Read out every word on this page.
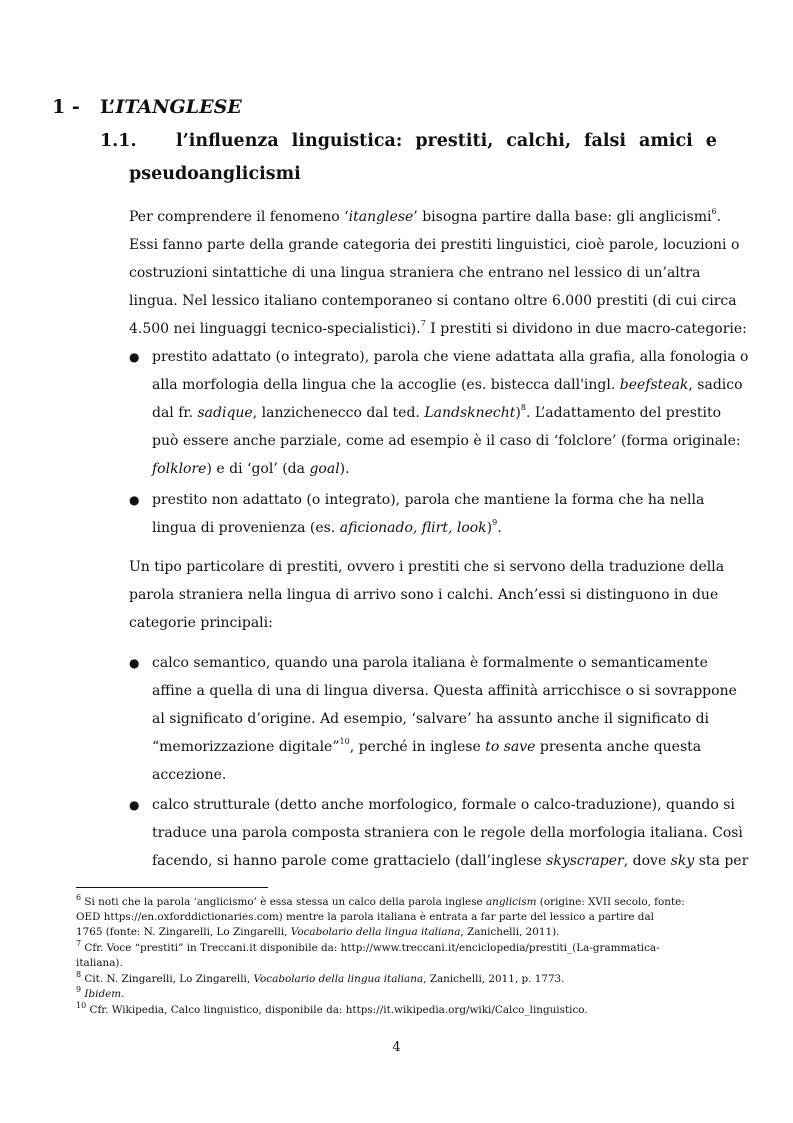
1 - L’ITANGLESE
1.1. l’influenza linguistica: prestiti, calchi, falsi amici e
pseudoanglicismi
Per comprendere il fenomeno ‘itanglese’ bisogna partire dalla base: gli anglicismi$^6$.
Essi fanno parte della grande categoria dei prestiti linguistici, cioè parole, locuzioni o
costruzioni sintattiche di una lingua straniera che entrano nel lessico di un’altra
lingua. Nel lessico italiano contemporaneo si contano oltre 6.000 prestiti (di cui circa
4.500 nei linguaggi tecnico-specialistici).$^7$ I prestiti si dividono in due macro-categorie:
● prestito adattato (o integrato), parola che viene adattata alla grafia, alla fonologia o
alla morfologia della lingua che la accoglie (es. bistecca dall'ingl. beefsteak, sadico
dal fr. sadique, lanzichenecco dal ted. Landsknecht)$^8$. L’adattamento del prestito
può essere anche parziale, come ad esempio è il caso di ‘folclore’ (forma originale:
folklore) e di ‘gol’ (da goal).
● prestito non adattato (o integrato), parola che mantiene la forma che ha nella
lingua di provenienza (es. aficionado, flirt, look)$^9$.
Un tipo particolare di prestiti, ovvero i prestiti che si servono della traduzione della
parola straniera nella lingua di arrivo sono i calchi. Anch’essi si distinguono in due
categorie principali:
● calco semantico, quando una parola italiana è formalmente o semanticamente
affine a quella di una di lingua diversa. Questa affinità arricchisce o si sovrappone
al significato d’origine. Ad esempio, ‘salvare’ ha assunto anche il significato di
“memorizzazione digitale”$^{10}$, perché in inglese to save presenta anche questa
accezione.
● calco strutturale (detto anche morfologico, formale o calco-traduzione), quando si
traduce una parola composta straniera con le regole della morfologia italiana. Così
facendo, si hanno parole come grattacielo (dall’inglese skyscraper, dove sky sta per
$^6$ Si noti che la parola ‘anglicismo’ è essa stessa un calco della parola inglese anglicism (origine: XVII secolo, fonte:
OED https://en.oxforddictionaries.com) mentre la parola italiana è entrata a far parte del lessico a partire dal
1765 (fonte: N. Zingarelli, Lo Zingarelli, Vocabolario della lingua italiana, Zanichelli, 2011).
$^7$ Cfr. Voce “prestiti” in Treccani.it disponibile da: http://www.treccani.it/enciclopedia/prestiti_(La-grammatica-
italiana).
$^8$ Cit. N. Zingarelli, Lo Zingarelli, Vocabolario della lingua italiana, Zanichelli, 2011, p. 1773.
$^9$ Ibidem.
$^{10}$ Cfr. Wikipedia, Calco linguistico, disponibile da: https://it.wikipedia.org/wiki/Calco_linguistico.
4
